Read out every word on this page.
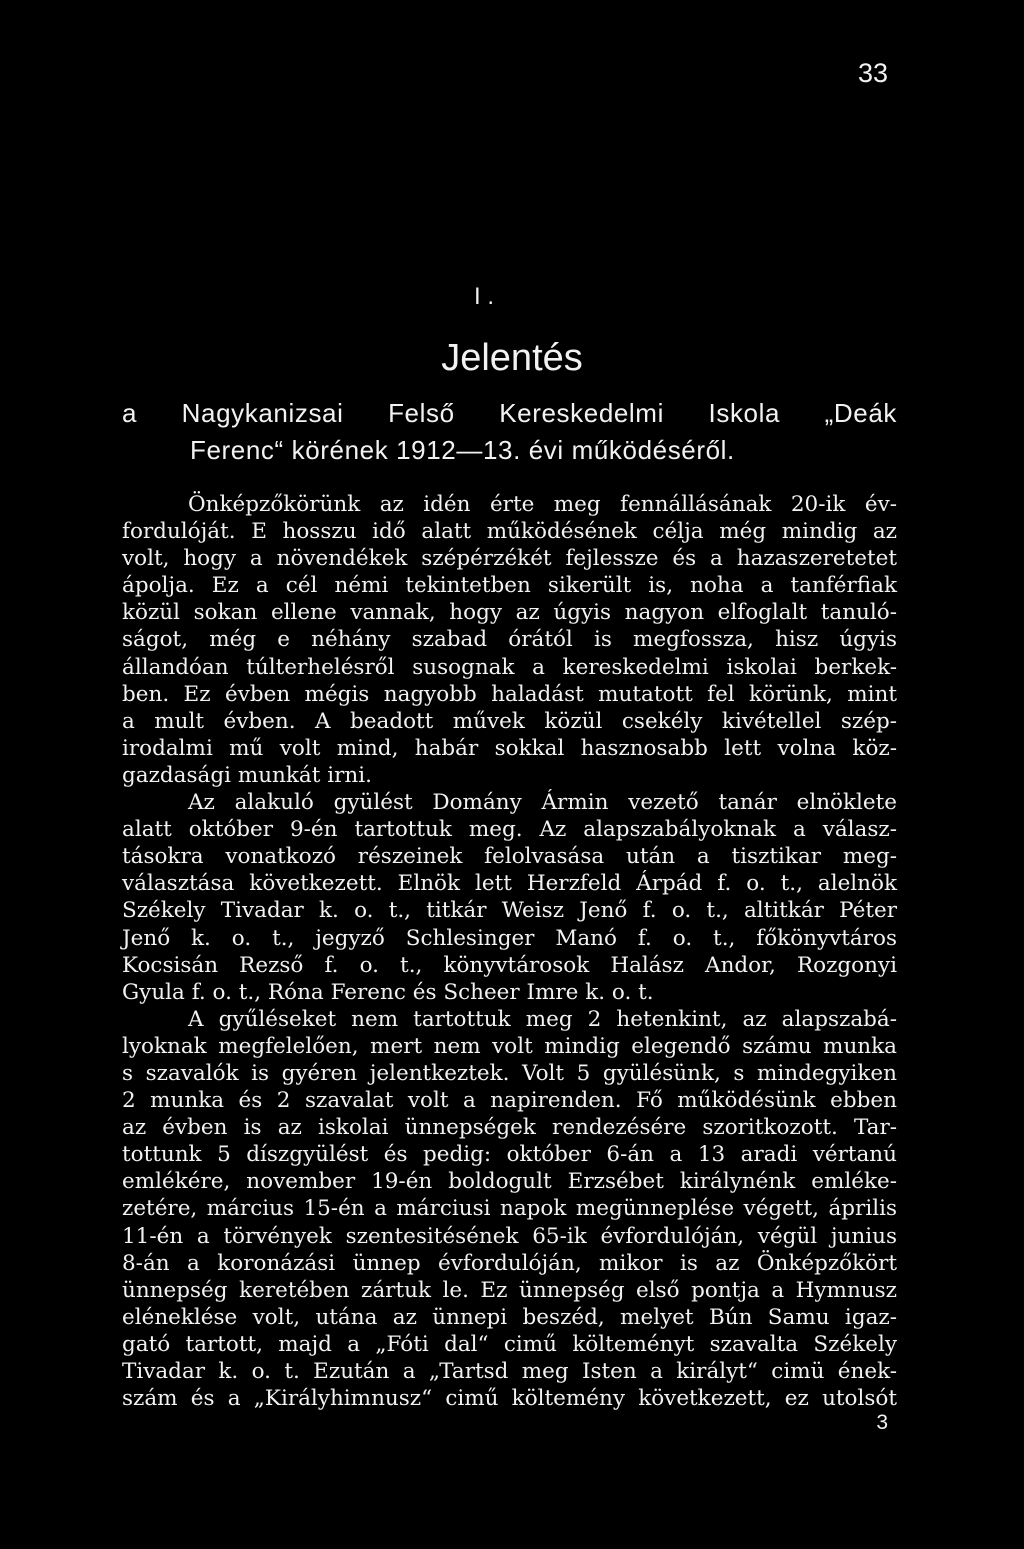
33
I .
Jelentés
a Nagykanizsai Felső Kereskedelmi Iskola „Deák
Ferenc“ körének 1912—13. évi működéséről.
Önképzőkörünk az idén érte meg fennállásának 20-ik év-
fordulóját. E hosszu idő alatt működésének célja még mindig az
volt, hogy a növendékek szépérzékét fejlessze és a hazaszeretetet
ápolja. Ez a cél némi tekintetben sikerült is, noha a tanférfiak
közül sokan ellene vannak, hogy az úgyis nagyon elfoglalt tanuló-
ságot, még e néhány szabad órától is megfossza, hisz úgyis
állandóan túlterhelésről susognak a kereskedelmi iskolai berkek-
ben. Ez évben mégis nagyobb haladást mutatott fel körünk, mint
a mult évben. A beadott művek közül csekély kivétellel szép-
irodalmi mű volt mind, habár sokkal hasznosabb lett volna köz-
gazdasági munkát irni.
Az alakuló gyülést Domány Ármin vezető tanár elnöklete
alatt október 9-én tartottuk meg. Az alapszabályoknak a válasz-
tásokra vonatkozó részeinek felolvasása után a tisztikar meg-
választása következett. Elnök lett Herzfeld Árpád f. o. t., alelnök
Székely Tivadar k. o. t., titkár Weisz Jenő f. o. t., altitkár Péter
Jenő k. o. t., jegyző Schlesinger Manó f. o. t., főkönyvtáros
Kocsisán Rezső f. o. t., könyvtárosok Halász Andor, Rozgonyi
Gyula f. o. t., Róna Ferenc és Scheer Imre k. o. t.
A gyűléseket nem tartottuk meg 2 hetenkint, az alapszabá-
lyoknak megfelelően, mert nem volt mindig elegendő számu munka
s szavalók is gyéren jelentkeztek. Volt 5 gyülésünk, s mindegyiken
2 munka és 2 szavalat volt a napirenden. Fő működésünk ebben
az évben is az iskolai ünnepségek rendezésére szoritkozott. Tar-
tottunk 5 díszgyülést és pedig: október 6-án a 13 aradi vértanú
emlékére, november 19-én boldogult Erzsébet királynénk emléke-
zetére, március 15-én a márciusi napok megünneplése végett, április
11-én a törvények szentesitésének 65-ik évfordulóján, végül junius
8-án a koronázási ünnep évfordulóján, mikor is az Önképzőkört
ünnepség keretében zártuk le. Ez ünnepség első pontja a Hymnusz
eléneklése volt, utána az ünnepi beszéd, melyet Bún Samu igaz-
gató tartott, majd a „Fóti dal“ cimű költeményt szavalta Székely
Tivadar k. o. t. Ezután a „Tartsd meg Isten a királyt“ cimü ének-
szám és a „Királyhimnusz“ cimű költemény következett, ez utolsót
3
